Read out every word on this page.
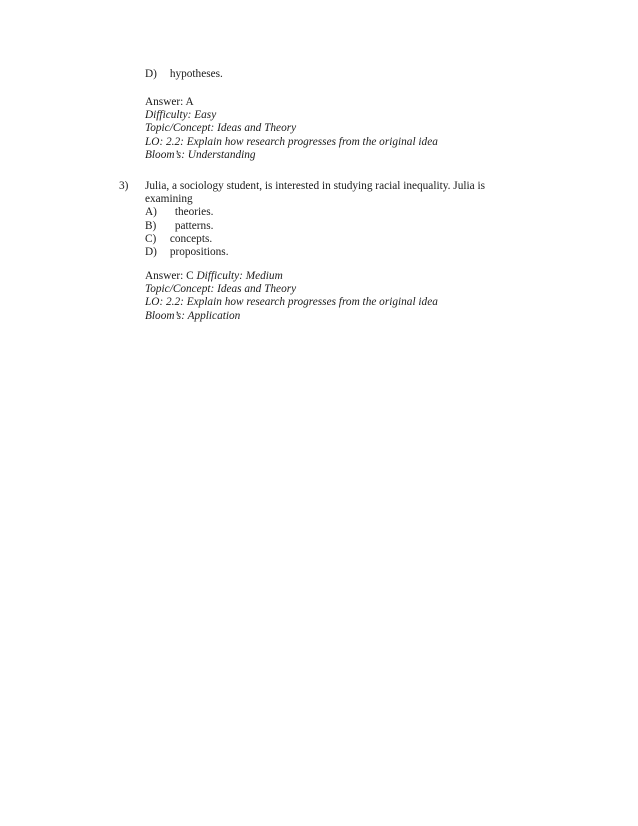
D) hypotheses.
Answer: A
Difficulty: Easy
Topic/Concept: Ideas and Theory
LO: 2.2: Explain how research progresses from the original idea
Bloom’s: Understanding
3) Julia, a sociology student, is interested in studying racial inequality. Julia is
examining
A) theories.
B) patterns.
C) concepts.
D) propositions.
Answer: C Difficulty: Medium
Topic/Concept: Ideas and Theory
LO: 2.2: Explain how research progresses from the original idea
Bloom’s: Application
